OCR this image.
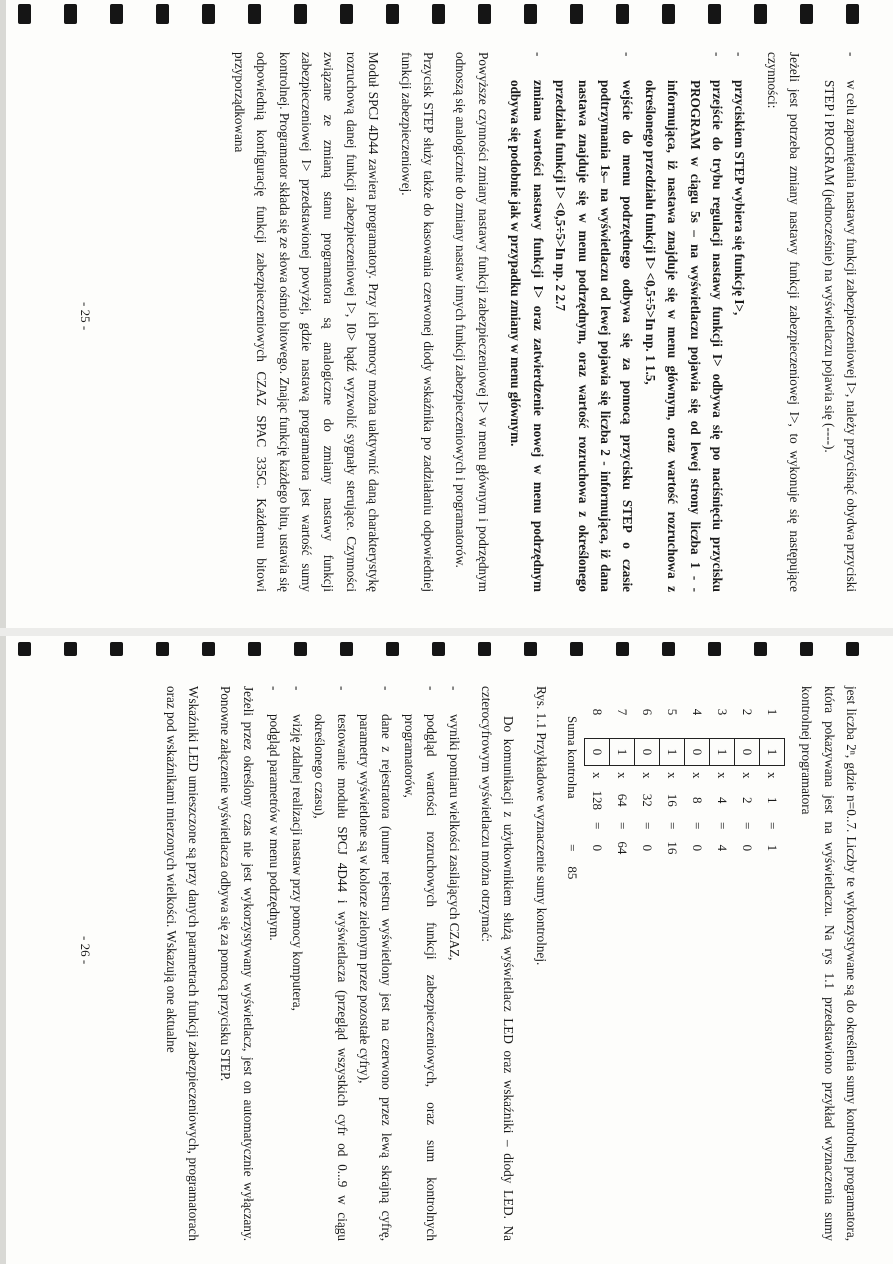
-
w celu zapamiętania nastawy funkcji zabezpieczeniowej I>, należy przyciśnąć obydwa przyciski STEP i PROGRAM (jednocześnie) na wyświetlaczu pojawia się (----).

Jeżeli jest potrzeba zmiany nastawy funkcji zabezpieczeniowej I>, to wykonuje się następujące czynności:

-
przyciskiem STEP wybiera się funkcję I>,

-
przejście do trybu regulacji nastawy funkcji I> odbywa się po naciśnięciu przycisku PROGRAM w ciągu 5s – na wyświetlaczu pojawia się od lewej strony liczba 1 - - informująca, iż nastawa znajduje się w menu głównym, oraz wartość rozruchowa z określonego przedziału funkcji I> <0,5÷5>In np. 1 1.5,

-
wejście do menu podrzędnego odbywa się za pomocą przycisku STEP o czasie podtrzymania 1s– na wyświetlaczu od lewej pojawia się liczba 2 - informująca, iż dana nastawa znajduje się w menu podrzędnym, oraz wartość rozruchowa z określonego przedziału funkcji I> <0,5÷5>In np. 2 2.7

-
zmiana wartości nastawy funkcji I> oraz zatwierdzenie nowej w menu podrzędnym odbywa się podobnie jak w przypadku zmiany w menu głównym.

Powyższe czynności zmiany nastawy funkcji zabezpieczeniowej I> w menu głównym i podrzędnym odnoszą się analogicznie do zmiany nastaw innych funkcji zabezpieczeniowych i programatorów.

Przycisk STEP służy także do kasowania czerwonej diody wskaźnika po zadziałaniu odpowiedniej funkcji zabezpieczeniowej.

Moduł SPCJ 4D44 zawiera programatory. Przy ich pomocy można uaktywnić daną charakterystykę rozruchową danej funkcji zabezpieczeniowej I>, I0> bądź wyzwolić sygnały sterujące. Czynności związane ze zmianą stanu programatora są analogiczne do zmiany nastawy funkcji zabezpieczeniowej I> przedstawionej powyżej, gdzie nastawą programatora jest wartość sumy kontrolnej. Programator składa się ze słowa ośmio bitowego. Znając funkcję każdego bitu, ustawia się odpowiednią konfigurację funkcji zabezpieczeniowych CZAZ SPAC 335C. Każdemu bitowi przyporządkowana

- 25 -

jest liczba 2ⁿ, gdzie n=0..7. Liczby te wykorzystywane są do określenia sumy kontrolnej programatora, która pokazywana jest na wyświetlaczu. Na rys 1.1 przedstawiono przykład wyznaczenia sumy kontrolnej programatora

1	1	x	1	=	1	
2	0	x	2	=	0	
3	1	x	4	=	4	
4	0	x	8	=	0	
5	1	x	16	=	16	
6	0	x	32	=	0	
7	1	x	64	=	64	
8	0	x	128	=	0	
Suma kontrolna					=	85

Rys. 1.1 Przykładowe wyznaczenie sumy kontrolnej.

Do komunikacji z użytkownikiem służą wyświetlacz LED oraz wskaźniki – diody LED. Na czterocyfrowym wyświetlaczu można otrzymać:

-
wyniki pomiaru wielkości zasilających CZAZ,

-
podgląd wartości rozruchowych funkcji zabezpieczeniowych, oraz sum kontrolnych programatorów,

-
dane z rejestratora (numer rejestru wyświetlony jest na czerwono przez lewą skrajną cyfrę, parametry wyświetlone są w kolorze zielonym przez pozostałe cyfry),

-
testowanie modułu SPCJ 4D44 i wyświetlacza (przegląd wszystkich cyfr od 0...9 w ciągu określonego czasu),

-
wizję zdalnej realizacji nastaw przy pomocy komputera,

-
podgląd parametrów w menu podrzędnym.

Jeżeli przez określony czas nie jest wykorzystywany wyświetlacz, jest on automatycznie wyłączany. Ponowne załączenie wyświetlacza odbywa się za pomocą przycisku STEP.

Wskaźniki LED umieszczone są przy danych parametrach funkcji zabezpieczeniowych, programatorach oraz pod wskaźnikami mierzonych wielkości. Wskazują one aktualne

- 26 -
